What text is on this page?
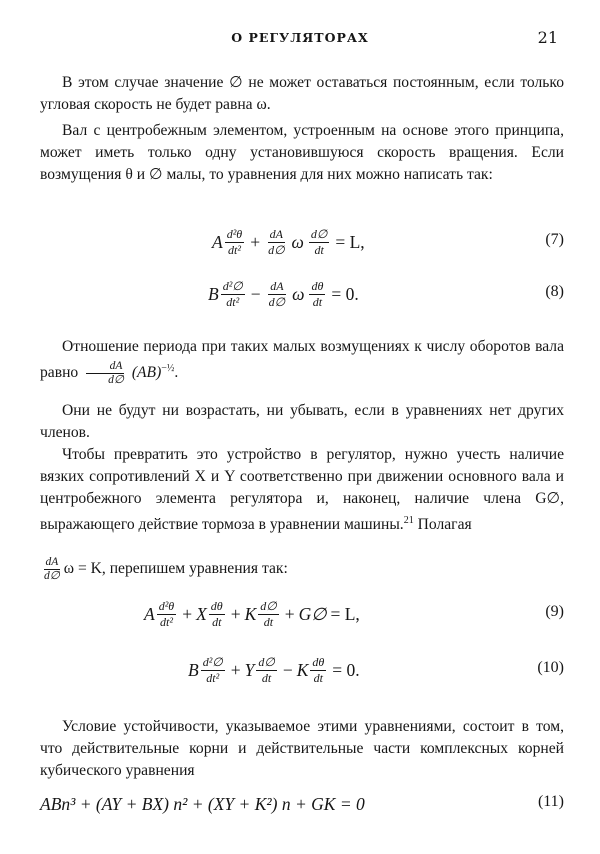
О РЕГУЛЯТОРАХ	21

В этом случае значение ∅ не может оставаться постоянным, если только угловая скорость не будет равна ω.

Вал с центробежным элементом, устроенным на основе этого принципа, может иметь только одну установившуюся скорость вращения. Если возмущения θ и ∅ малы, то уравнения для них можно написать так:

A $\frac{\text{d²θ}}{\text{dt²}} + \frac{dA}{d\emptyset}$ ω $\frac{d\emptyset}{dt} = L$,	(7)
B $\frac{\text{d²∅}}{\text{dt²}} - \frac{dA}{d\emptyset}$ ω $\frac{d\theta}{dt} = 0$.	(8)

Отношение периода при таких малых возмущениях к числу оборотов вала равно $\frac{dA}{d\emptyset} (AB)^{-\frac{1}{2}}$.

Они не будут ни возрастать, ни убывать, если в уравнениях нет других членов.

Чтобы превратить это устройство в регулятор, нужно учесть наличие вязких сопротивлений X и Y соответственно при движении основного вала и центробежного элемента регулятора и, наконец, наличие члена G∅, выражающего действие тормоза в уравнении машины.$^{21}$ Полагая

$\frac{dA}{d\emptyset}$ ω = K, перепишем уравнения так:

A $\frac{\text{d²θ}}{\text{dt²}} + X \frac{d\theta}{dt} + K \frac{d\emptyset}{dt}$ + G∅ = L,	(9)
B $\frac{\text{d²∅}}{\text{dt²}} + Y \frac{d\emptyset}{dt} - K \frac{d\theta}{dt} = 0$.	(10)

Условие устойчивости, указываемое этими уравнениями, состоит в том, что действительные корни и действительные части комплексных корней кубического уравнения

ABn³ + (AY + BX) n² + (XY + K²) n + GK = 0	(11)
